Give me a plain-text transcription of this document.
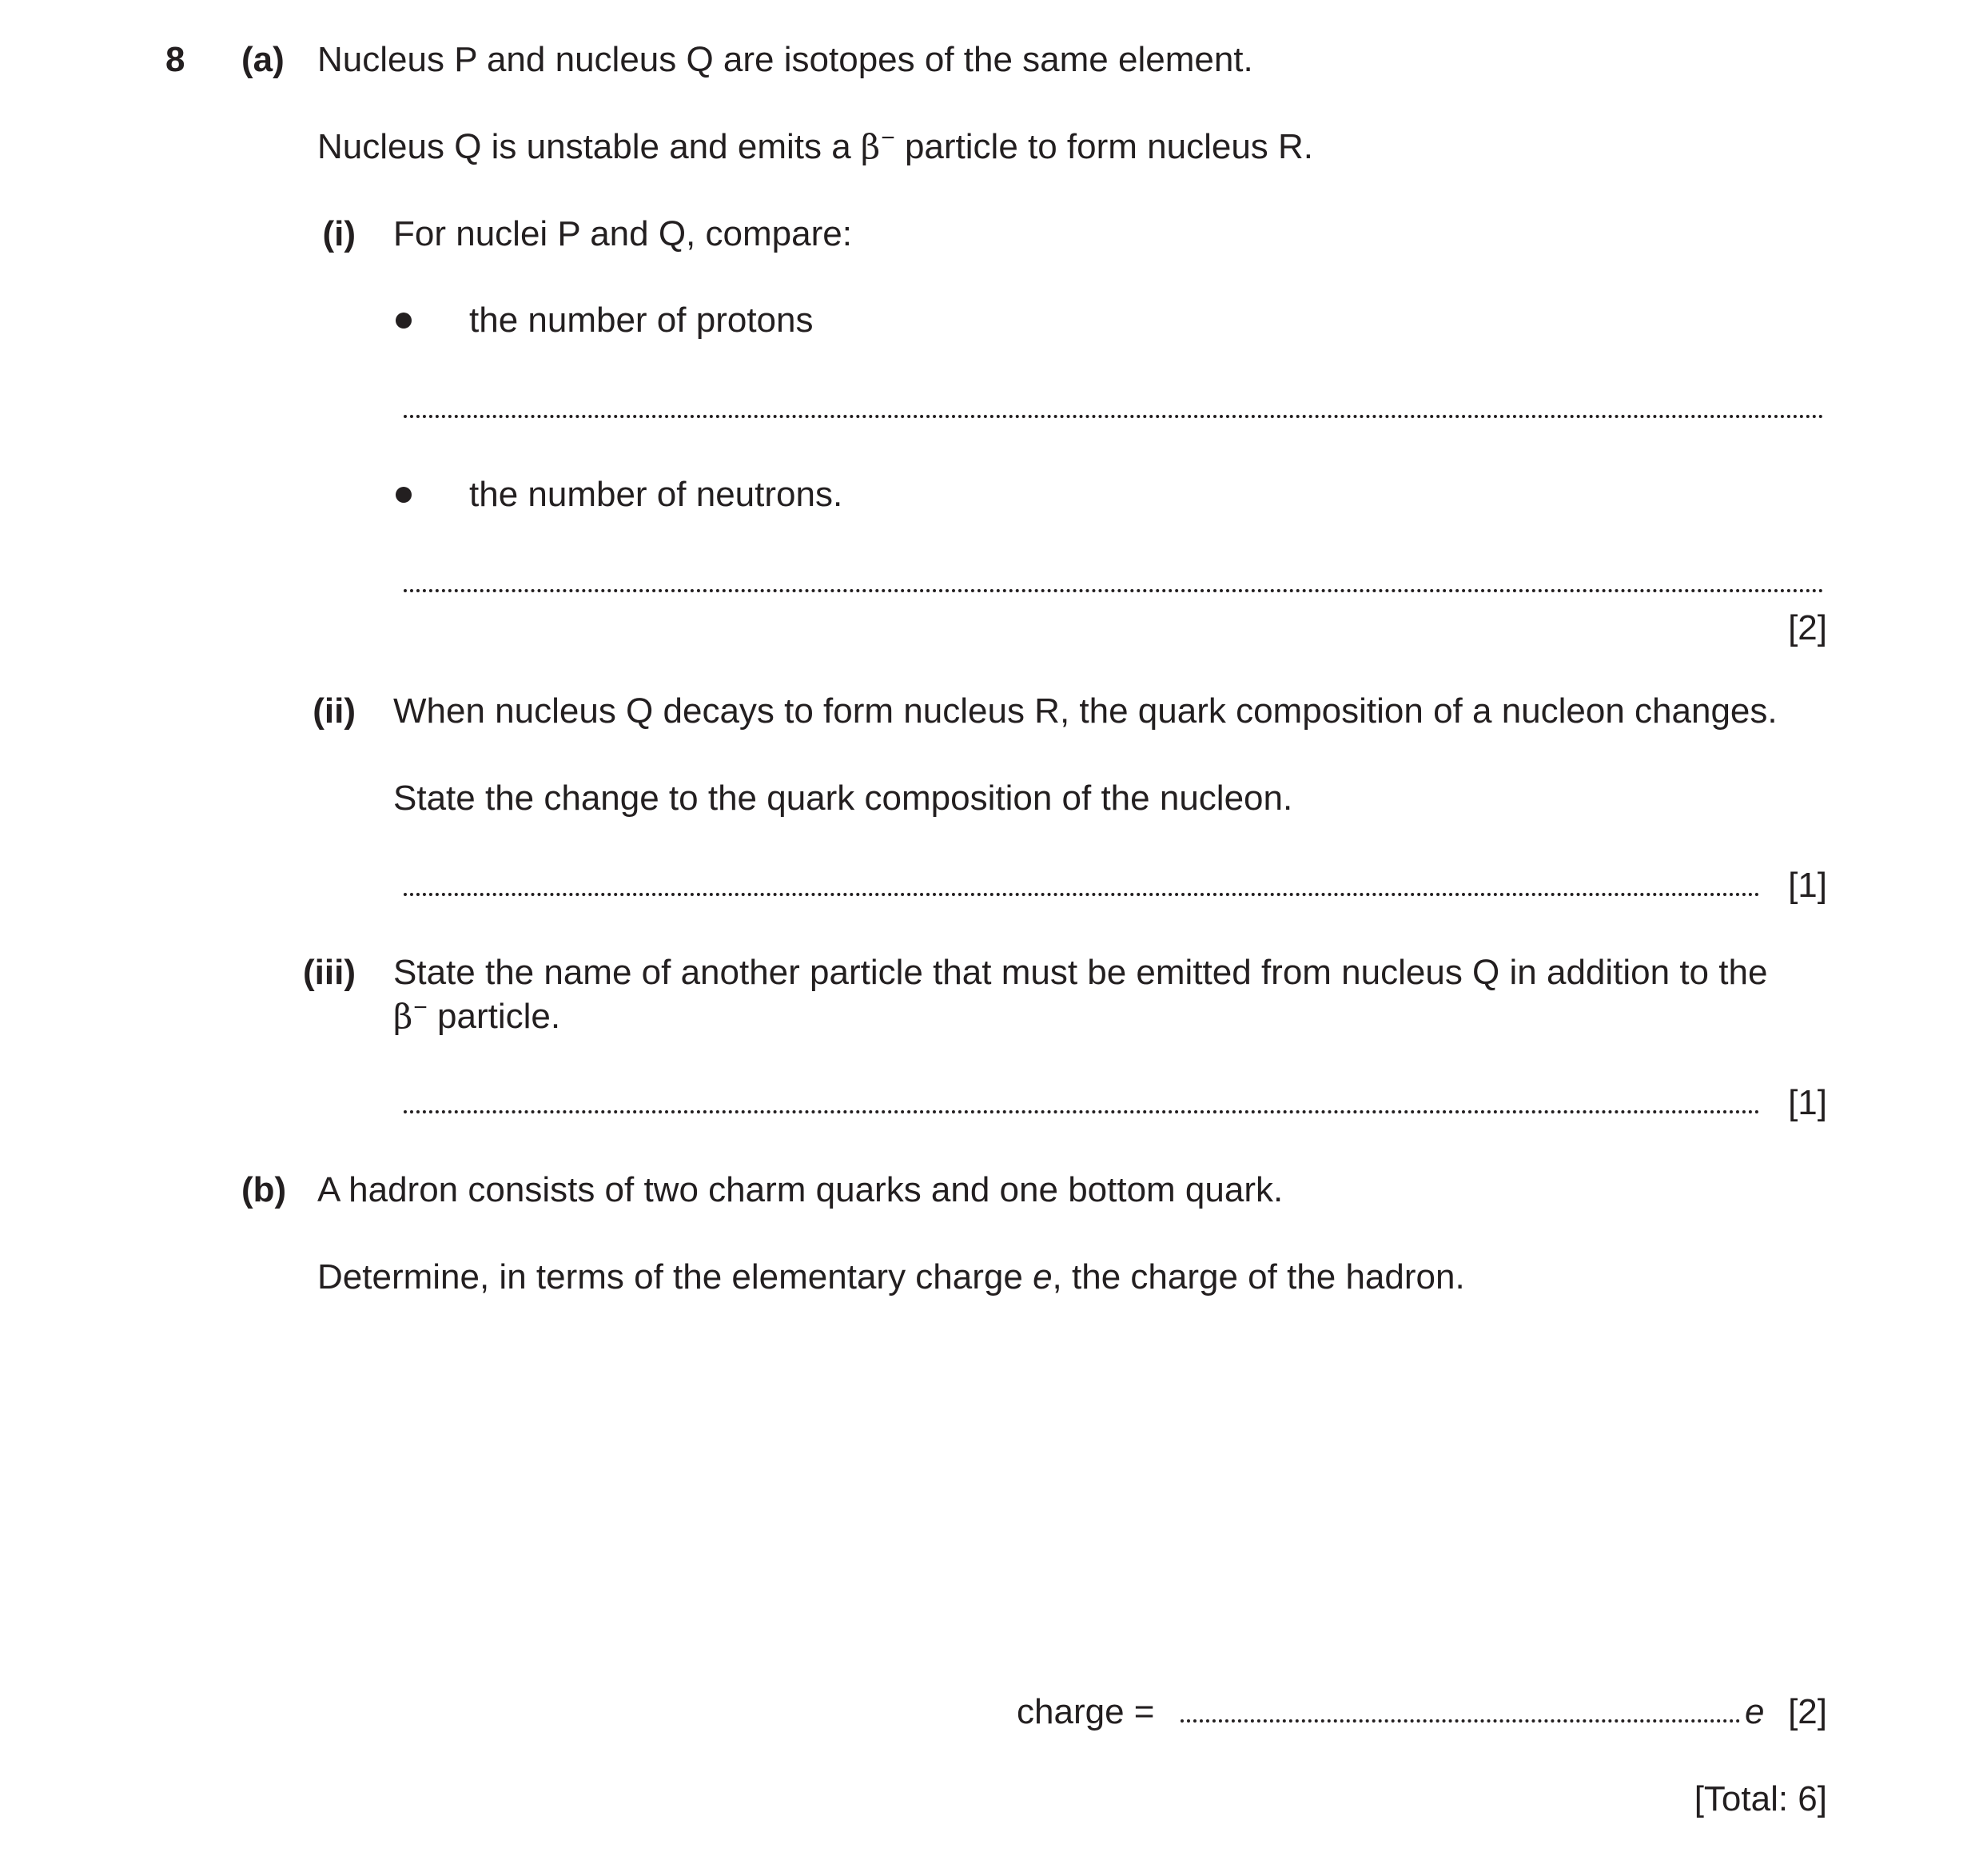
8 (a) Nucleus P and nucleus Q are isotopes of the same element.
Nucleus Q is unstable and emits a β− particle to form nucleus R.
(i) For nuclei P and Q, compare:
the number of protons
the number of neutrons.
[2]
(ii) When nucleus Q decays to form nucleus R, the quark composition of a nucleon changes.
State the change to the quark composition of the nucleon.
[1]
(iii) State the name of another particle that must be emitted from nucleus Q in addition to the
β− particle.
[1]
(b) A hadron consists of two charm quarks and one bottom quark.
Determine, in terms of the elementary charge e, the charge of the hadron.
charge =	e [2]
[Total: 6]
